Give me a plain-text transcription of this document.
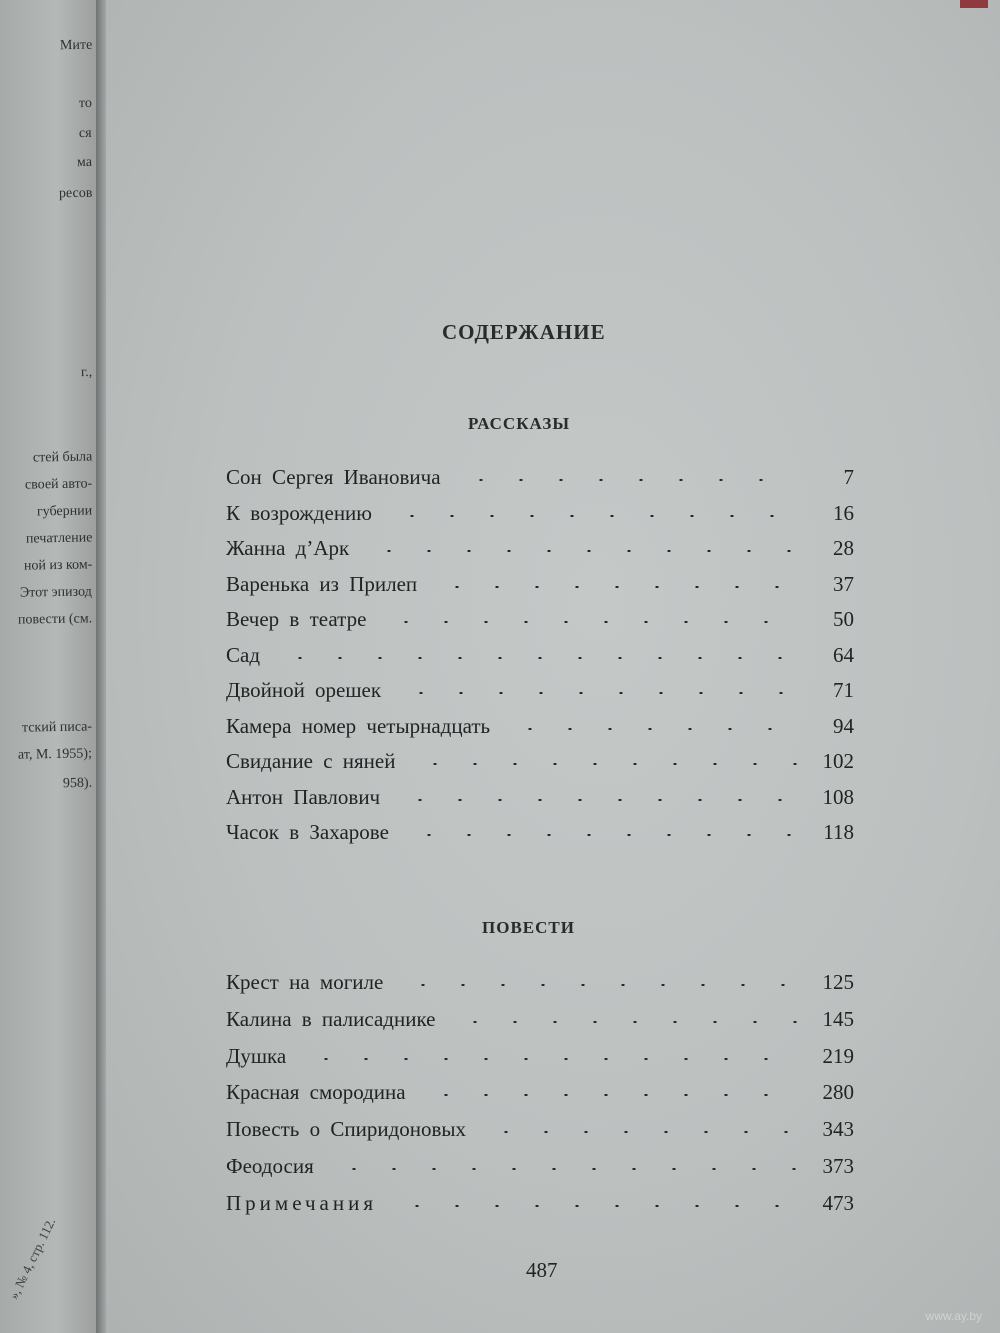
Мите
то
ся
ма
ресов
г.,
стей была
своей авто-
губернии
печатление
ной из ком-
Этот эпизод
повести (см.
тский писа-
ат, М. 1955);
958).
», № 4, стр. 112.
СОДЕРЖАНИЕ
РАССКАЗЫ
Сон Сергея Ивановича	7
К возрождению	16
Жанна д’Арк	28
Варенька из Прилеп	37
Вечер в театре	50
Сад	64
Двойной орешек	71
Камера номер четырнадцать	94
Свидание с няней	102
Антон Павлович	108
Часок в Захарове	118
ПОВЕСТИ
Крест на могиле	125
Калина в палисаднике	145
Душка	219
Красная смородина	280
Повесть о Спиридоновых	343
Феодосия	373
Примечания	473
487
www.ay.by
